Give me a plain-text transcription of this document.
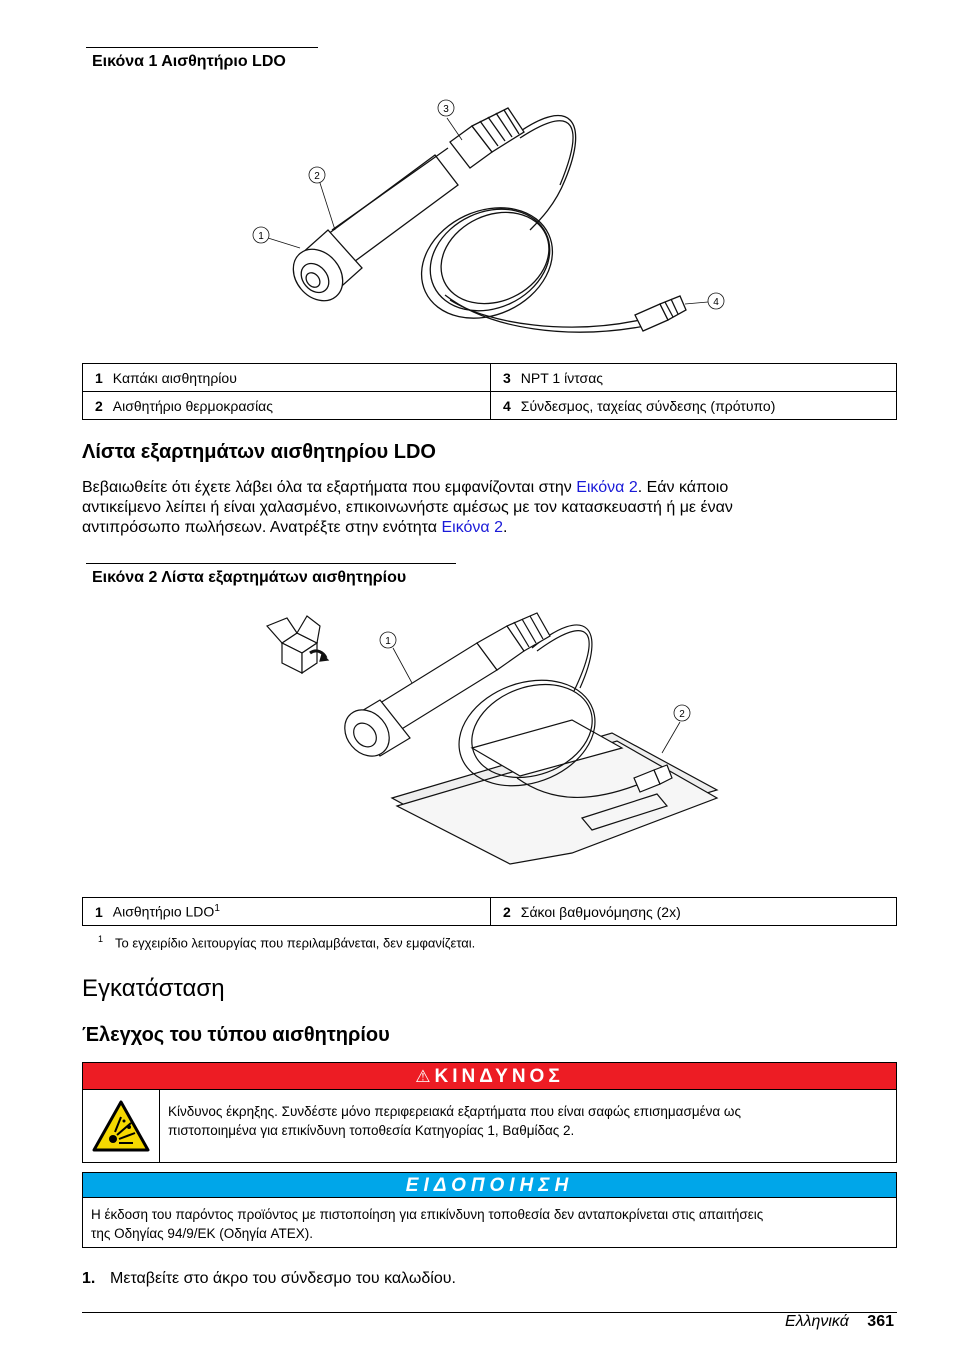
Εικόνα 1 Αισθητήριο LDO
1
2
3
4
1 Καπάκι αισθητηρίου	3 NPT 1 ίντσας
2 Αισθητήριο θερμοκρασίας	4 Σύνδεσμος, ταχείας σύνδεσης (πρότυπο)
Λίστα εξαρτημάτων αισθητηρίου LDO

Βεβαιωθείτε ότι έχετε λάβει όλα τα εξαρτήματα που εμφανίζονται στην Εικόνα 2. Εάν κάποιο
αντικείμενο λείπει ή είναι χαλασμένο, επικοινωνήστε αμέσως με τον κατασκευαστή ή με έναν
αντιπρόσωπο πωλήσεων. Ανατρέξτε στην ενότητα Εικόνα 2.

Εικόνα 2 Λίστα εξαρτημάτων αισθητηρίου
1
2
1 Αισθητήριο LDO$^1$	2 Σάκοι βαθμονόμησης (2x)
$^1$ Το εγχειρίδιο λειτουργίας που περιλαμβάνεται, δεν εμφανίζεται.
Εγκατάσταση
Έλεγχος του τύπου αισθητηρίου
⚠ ΚΙΝΔΥΝΟΣ
Κίνδυνος έκρηξης. Συνδέστε μόνο περιφερειακά εξαρτήματα που είναι σαφώς επισημασμένα ως
πιστοποιημένα για επικίνδυνη τοποθεσία Κατηγορίας 1, Βαθμίδας 2.
ΕΙΔΟΠΟΙΗΣΗ
Η έκδοση του παρόντος προϊόντος με πιστοποίηση για επικίνδυνη τοποθεσία δεν ανταποκρίνεται στις απαιτήσεις
της Οδηγίας 94/9/ΕΚ (Οδηγία ATEX).

1. Μεταβείτε στο άκρο του σύνδεσμο του καλωδίου.

Ελληνικά 361
